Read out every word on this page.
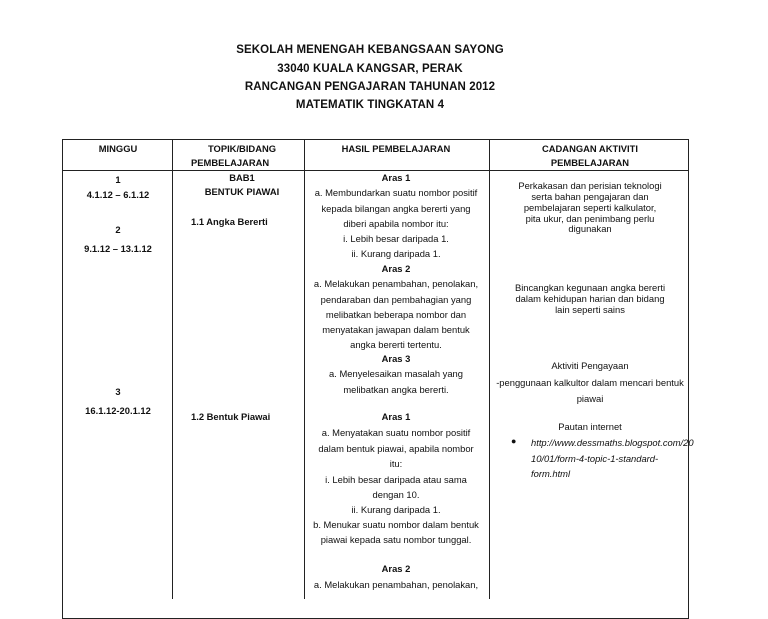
SEKOLAH MENENGAH KEBANGSAAN SAYONG
33040 KUALA KANGSAR, PERAK
RANCANGAN PENGAJARAN TAHUNAN 2012
MATEMATIK TINGKATAN 4
MINGGU	TOPIK/BIDANG
PEMBELAJARAN
HASIL PEMBELAJARAN	CADANGAN AKTIVITI
PEMBELAJARAN
1
4.1.12 – 6.1.12
2
9.1.12 – 13.1.12
3
16.1.12-20.1.12
BAB1
BENTUK PIAWAI
1.1 Angka Bererti
1.2 Bentuk Piawai
Aras 1
a. Membundarkan suatu nombor positif
kepada bilangan angka bererti yang
diberi apabila nombor itu:
i. Lebih besar daripada 1.
ii. Kurang daripada 1.
Aras 2
a. Melakukan penambahan, penolakan,
pendaraban dan pembahagian yang
melibatkan beberapa nombor dan
menyatakan jawapan dalam bentuk
angka bererti tertentu.
Aras 3
a. Menyelesaikan masalah yang
melibatkan angka bererti.
Aras 1
a. Menyatakan suatu nombor positif
dalam bentuk piawai, apabila nombor
itu:
i. Lebih besar daripada atau sama
dengan 10.
ii. Kurang daripada 1.
b. Menukar suatu nombor dalam bentuk
piawai kepada satu nombor tunggal.
Aras 2
a. Melakukan penambahan, penolakan,
Perkakasan dan perisian teknologi
serta bahan pengajaran dan
pembelajaran seperti kalkulator,
pita ukur, dan penimbang perlu
digunakan
Bincangkan kegunaan angka bererti
dalam kehidupan harian dan bidang
lain seperti sains
Aktiviti Pengayaan
-penggunaan kalkultor dalam mencari bentuk
piawai
Pautan internet
● http://www.dessmaths.blogspot.com/20
10/01/form-4-topic-1-standard-
form.html
